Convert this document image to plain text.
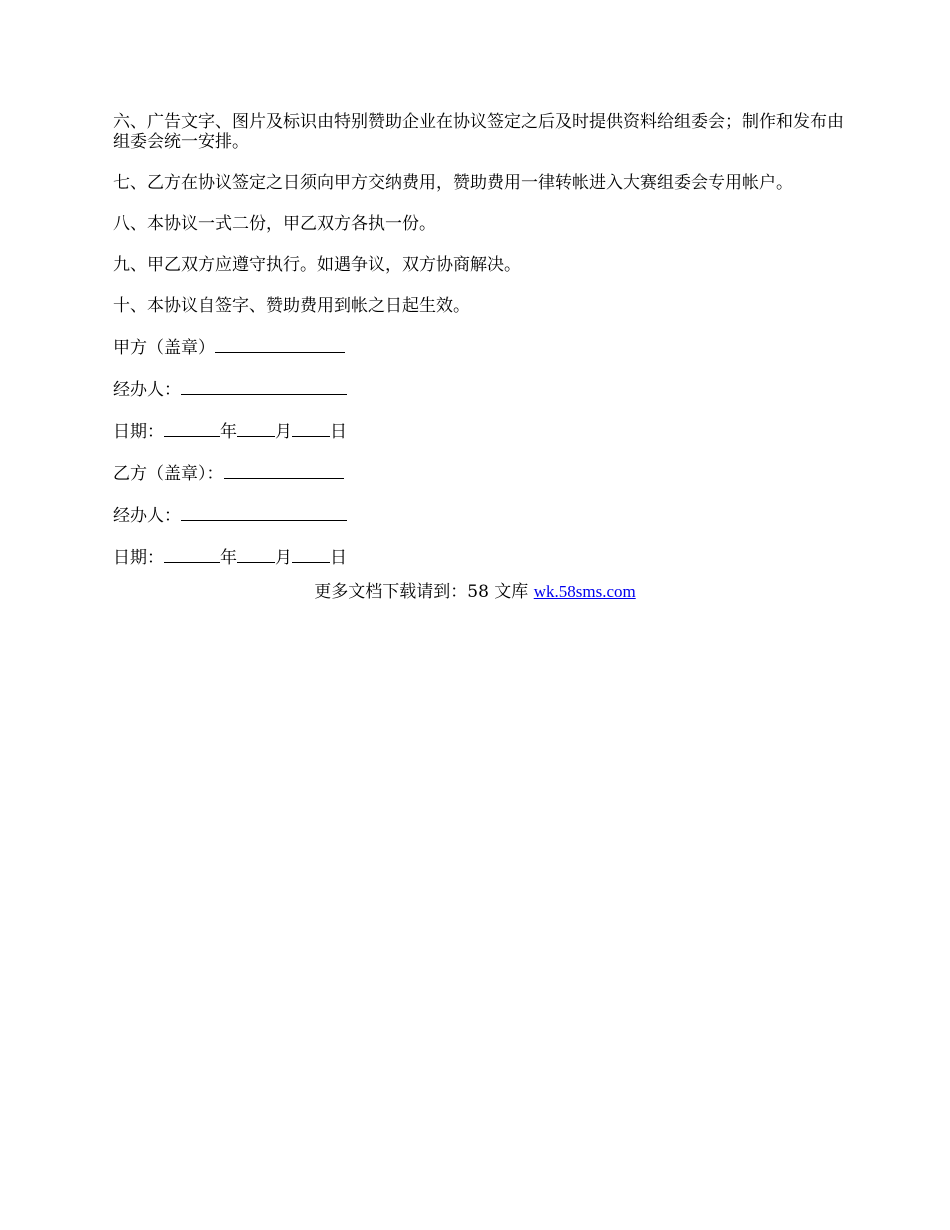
六、广告文字、图片及标识由特别赞助企业在协议签定之后及时提供资料给组委会；制作和发布由组委会统一安排。

七、乙方在协议签定之日须向甲方交纳费用，赞助费用一律转帐进入大赛组委会专用帐户。

八、本协议一式二份，甲乙双方各执一份。

九、甲乙双方应遵守执行。如遇争议，双方协商解决。

十、本协议自签字、赞助费用到帐之日起生效。

甲方（盖章）
经办人：
日期：	年 月 日
乙方（盖章）：
经办人：
日期：	年 月 日
更多文档下载请到：58 文库 wk.58sms.com
